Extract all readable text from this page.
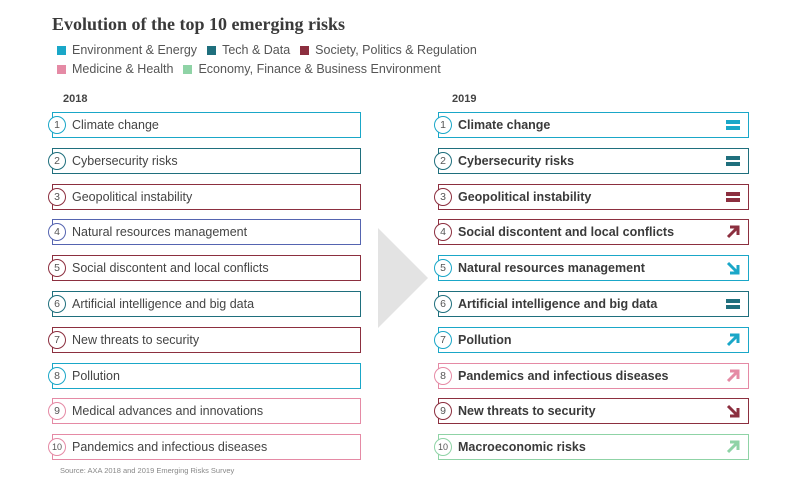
Evolution of the top 10 emerging risks
Environment & Energy Tech & Data Society, Politics & Regulation
Medicine & Health Economy, Finance & Business Environment
2018	2019
1 Climate change
2 Cybersecurity risks
3 Geopolitical instability
4 Natural resources management
5 Social discontent and local conflicts
6 Artificial intelligence and big data
7 New threats to security
8 Pollution
9 Medical advances and innovations
10 Pandemics and infectious diseases
1 Climate change
2 Cybersecurity risks
3 Geopolitical instability
4 Social discontent and local conflicts
5 Natural resources management
6 Artificial intelligence and big data
7 Pollution
8 Pandemics and infectious diseases
9 New threats to security
10 Macroeconomic risks
Source: AXA 2018 and 2019 Emerging Risks Survey
